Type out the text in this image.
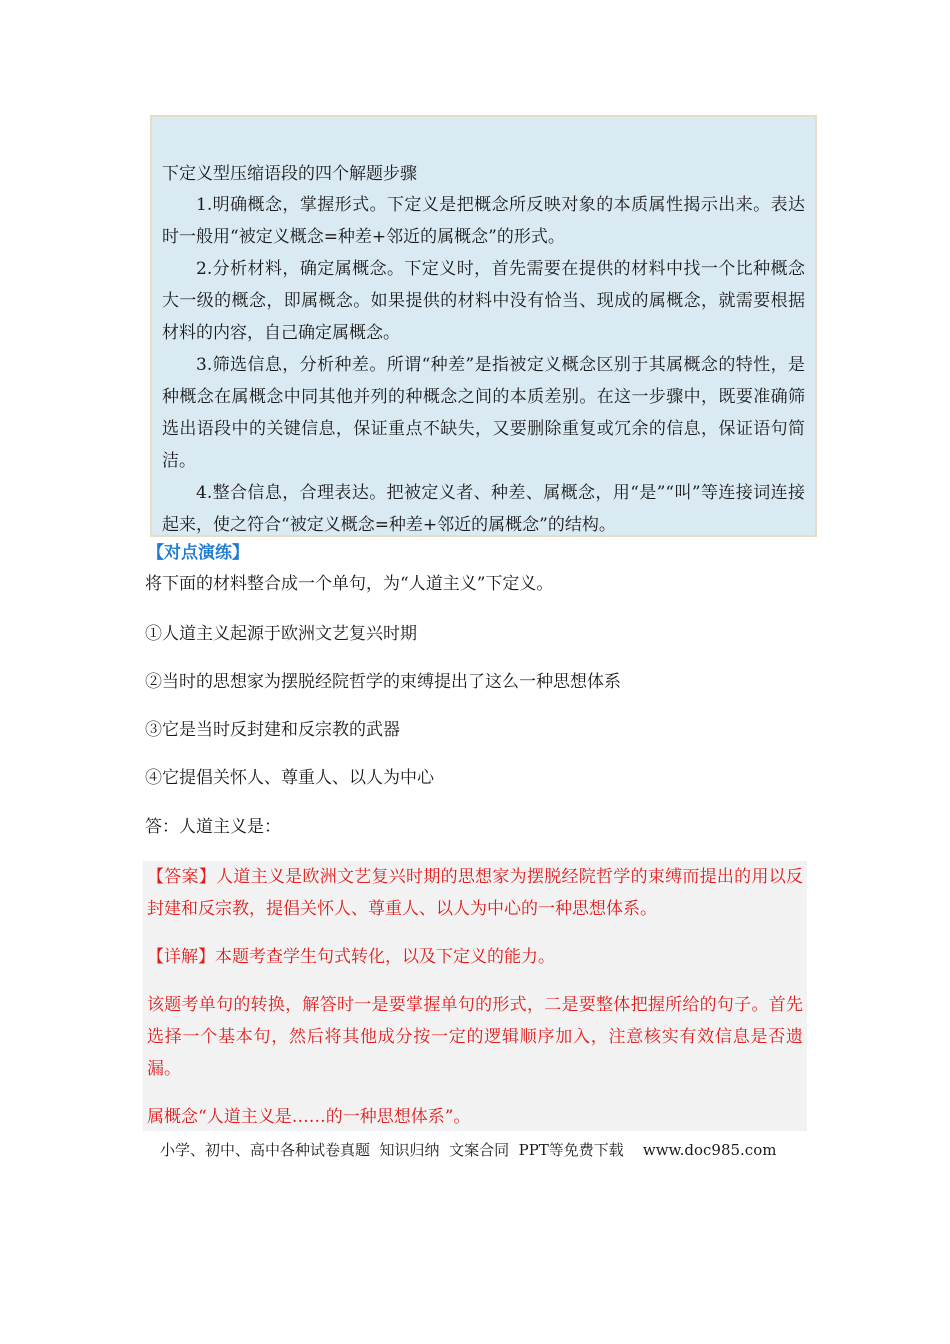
下定义型压缩语段的四个解题步骤

1.明确概念，掌握形式。下定义是把概念所反映对象的本质属性揭示出来。表达时一般用“被定义概念=种差+邻近的属概念”的形式。

2.分析材料，确定属概念。下定义时，首先需要在提供的材料中找一个比种概念大一级的概念，即属概念。如果提供的材料中没有恰当、现成的属概念，就需要根据材料的内容，自己确定属概念。

3.筛选信息，分析种差。所谓“种差”是指被定义概念区别于其属概念的特性，是种概念在属概念中同其他并列的种概念之间的本质差别。在这一步骤中，既要准确筛选出语段中的关键信息，保证重点不缺失，又要删除重复或冗余的信息，保证语句简洁。

4.整合信息，合理表达。把被定义者、种差、属概念，用“是”“叫”等连接词连接起来，使之符合“被定义概念=种差+邻近的属概念”的结构。

【对点演练】

将下面的材料整合成一个单句，为“人道主义”下定义。

①人道主义起源于欧洲文艺复兴时期

②当时的思想家为摆脱经院哲学的束缚提出了这么一种思想体系

③它是当时反封建和反宗教的武器

④它提倡关怀人、尊重人、以人为中心

答：人道主义是：

【答案】人道主义是欧洲文艺复兴时期的思想家为摆脱经院哲学的束缚而提出的用以反封建和反宗教，提倡关怀人、尊重人、以人为中心的一种思想体系。

【详解】本题考查学生句式转化，以及下定义的能力。

该题考单句的转换，解答时一是要掌握单句的形式，二是要整体把握所给的句子。首先选择一个基本句，然后将其他成分按一定的逻辑顺序加入，注意核实有效信息是否遗漏。

属概念“人道主义是……的一种思想体系”。

小学、初中、高中各种试卷真题  知识归纳  文案合同  PPT等免费下载    www.doc985.com
